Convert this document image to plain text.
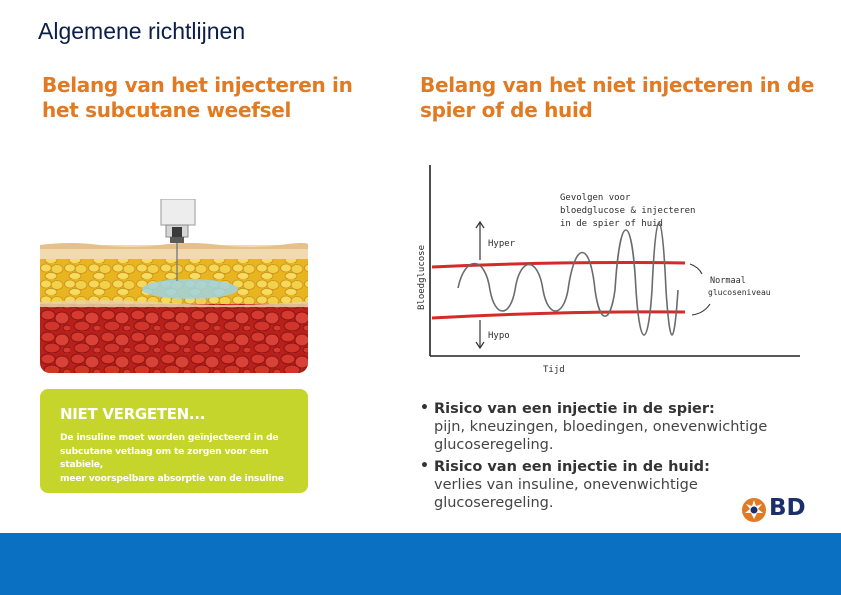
Algemene richtlijnen
Belang van het injecteren in
het subcutane weefsel
Belang van het niet injecteren in de
spier of de huid
NIET VERGETEN...
De insuline moet worden geïnjecteerd in de
subcutane vetlaag om te zorgen voor een stabiele,
meer voorspelbare absorptie van de insuline
Bloedglucose
Tijd
Gevolgen voor
bloedglucose & injecteren
in de spier of huid
Hyper
Hypo
Normaal
glucoseniveau
• Risico van een injectie in de spier:
pijn, kneuzingen, bloedingen, onevenwichtige
glucoseregeling.
• Risico van een injectie in de huid:
verlies van insuline, onevenwichtige
glucoseregeling.	BD
